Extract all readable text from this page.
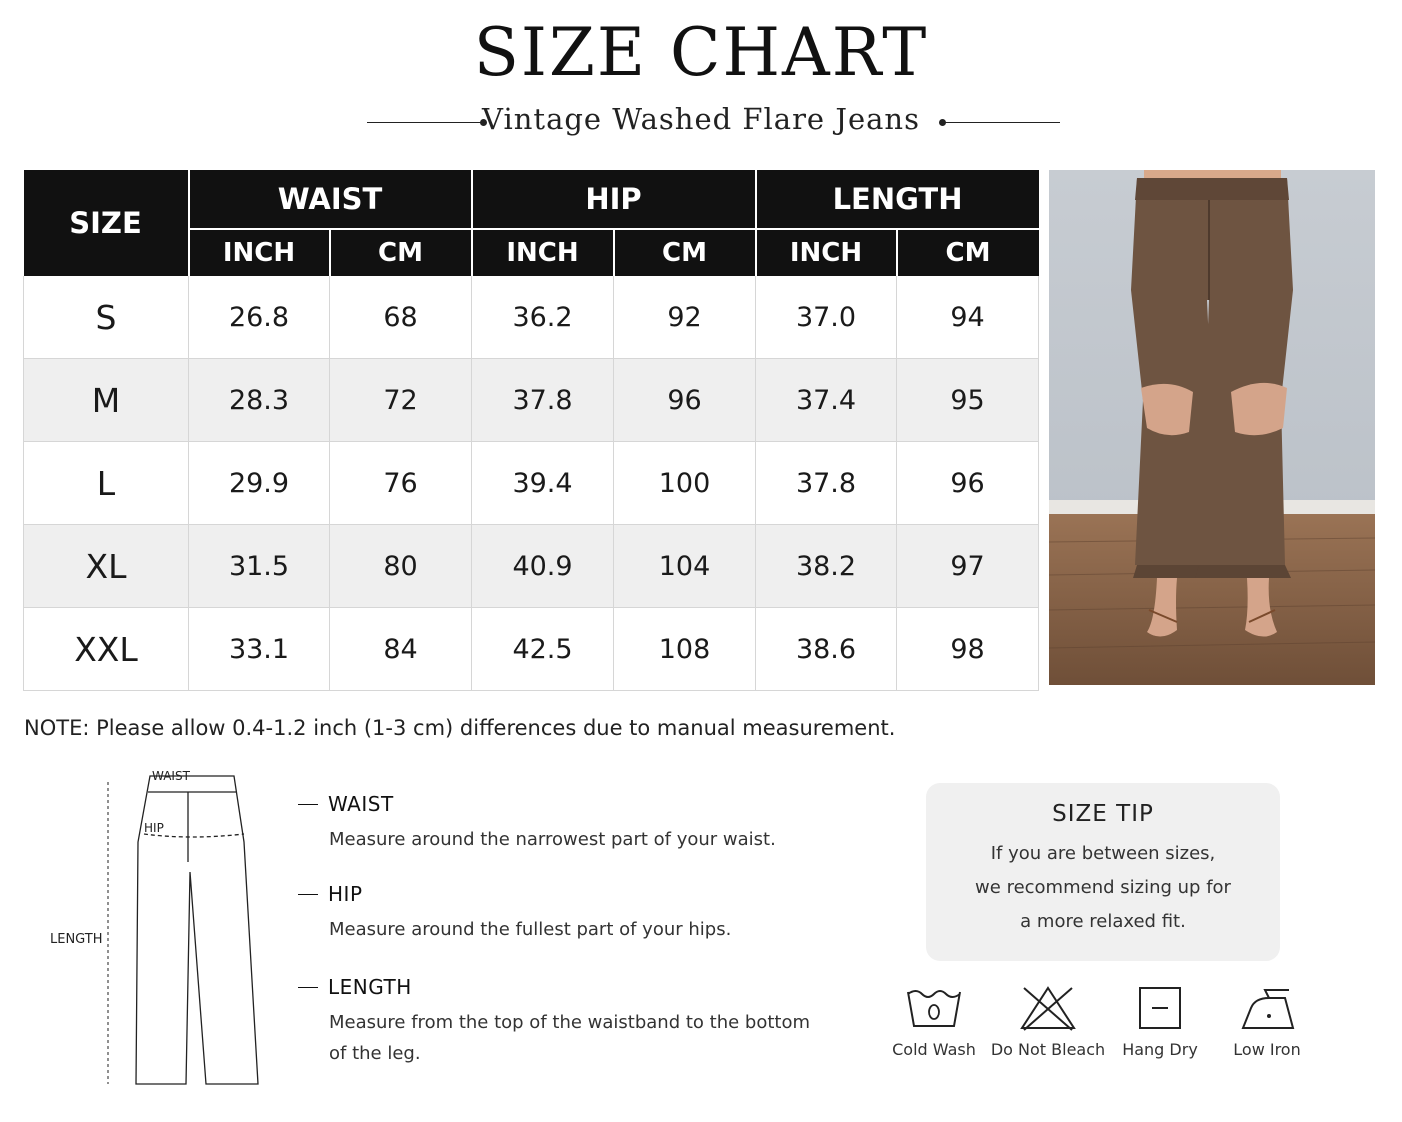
SIZE CHART
Vintage Washed Flare Jeans
SIZE	WAIST		HIP		LENGTH	
	INCH	CM	INCH	CM	INCH	CM
S	26.8	68	36.2	92	37.0	94
M	28.3	72	37.8	96	37.4	95
L	29.9	76	39.4	100	37.8	96
XL	31.5	80	40.9	104	38.2	97
XXL	33.1	84	42.5	108	38.6	98
NOTE: Please allow 0.4-1.2 inch (1-3 cm) differences due to manual measurement.
WAIST
HIP
LENGTH
WAIST
Measure around the narrowest part of your waist.
HIP
Measure around the fullest part of your hips.
LENGTH
Measure from the top of the waistband to the bottom of the leg.
SIZE TIP
If you are between sizes,
we recommend sizing up for
a more relaxed fit.
Cold Wash Do Not Bleach	Hang Dry	Low Iron
